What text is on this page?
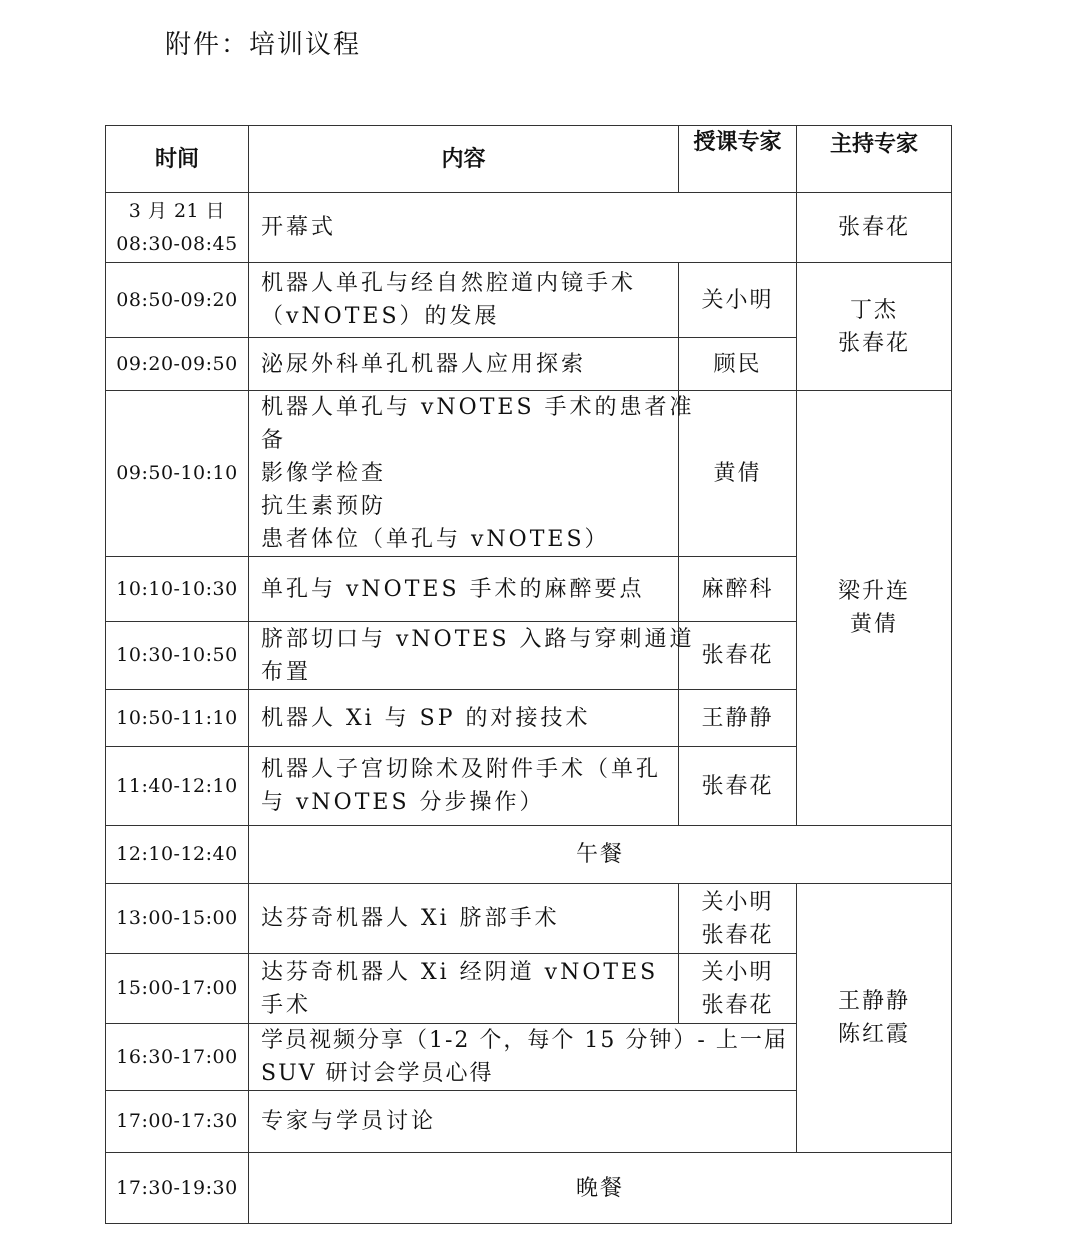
附件：培训议程
时间	内容	授课专家	主持专家

3 月 21 日
08:30-08:45	开幕式		张春花
08:50-09:20	机器人单孔与经自然腔道内镜手术
（vNOTES）的发展	关小明	丁杰
张春花

09:20-09:50	泌尿外科单孔机器人应用探索	顾民	
09:50-10:10	机器人单孔与 vNOTES 手术的患者准
备
影像学检查
抗生素预防
患者体位（单孔与 vNOTES）	黄倩	梁升连
黄倩

10:10-10:30	单孔与 vNOTES 手术的麻醉要点	麻醉科	
10:30-10:50	脐部切口与 vNOTES 入路与穿刺通道
布置	张春花	
10:50-11:10	机器人 Xi 与 SP 的对接技术	王静静	
11:40-12:10	机器人子宫切除术及附件手术（单孔
与 vNOTES 分步操作）	张春花	
12:10-12:40	午餐		
13:00-15:00	达芬奇机器人 Xi 脐部手术	关小明
张春花	王静静
陈红霞

15:00-17:00	达芬奇机器人 Xi 经阴道 vNOTES 手术	关小明
张春花	

16:30-17:00	学员视频分享（1-2 个，每个 15 分钟）- 上一届
SUV 研讨会学员心得		

17:00-17:30	专家与学员讨论		
17:30-19:30	晚餐		
